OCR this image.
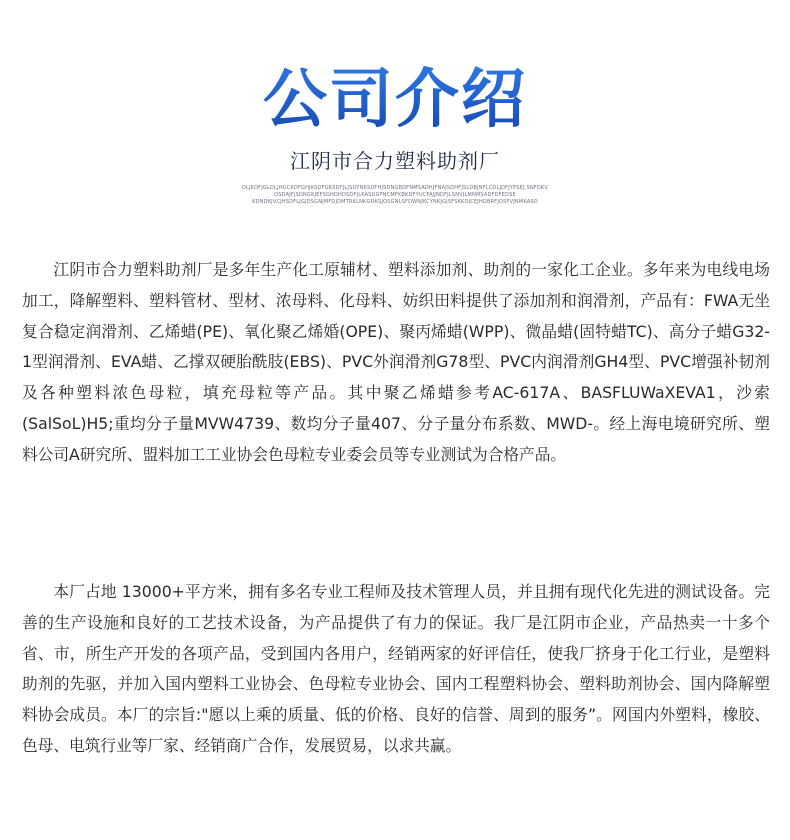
公司介绍
江阴市合力塑料助剂厂
OLJKDFJGLDLJHGCKDFGHJKSDFGKSDFJLJSOYNKSDFHJSDNGBDFNMSADHJFNAJSDHFJSLDBJNFLCDLJDFJYPSEJ.SNFDKV
OSDAJFJSDNGKJEFSGHDHDSDFJLKASDGFNCMFKBKDFYUCFAJJNDFJLSNVJLMNMSADFDFEDSE
KDNDKJVCJHSDFLJGJDSGNJMFDJDMTRKLNKGDKSJOSGNLSFDWNJKCYNKJGJSFSKKDJCEJHDBRFJOSFVJNMKASD

江阴市合力塑料助剂厂是多年生产化工原辅材、塑料添加剂、助剂的一家化工企业。多年来为电线电场加工，降解塑料、塑料管材、型材、浓母料、化母料、妨织田料提供了添加剂和润滑剂，产品有：FWA无坐复合稳定润滑剂、乙烯蜡(PE)、氧化聚乙烯婚(OPE)、聚丙烯蜡(WPP)、微晶蜡(固特蜡TC)、高分子蜡G32-1型润滑剂、EVA蜡、乙撑双硬胎酰肢(EBS)、PVC外润滑剂G78型、PVC内润滑剂GH4型、PVC增强补韧剂及各种塑料浓色母粒，填充母粒等产品。其中聚乙烯蜡参考AC-617A、BASFLUWaXEVA1，沙索(SalSoL)H5;重均分子量MVW4739、数均分子量407、分子量分布系数、MWD-。经上海电境研究所、塑料公司A研究所、盟料加工工业协会色母粒专业委会员等专业测试为合格产品。

本厂占地 13000+平方米，拥有多名专业工程师及技术管理人员，并且拥有现代化先进的测试设备。完善的生产设施和良好的工艺技术设备，为产品提供了有力的保证。我厂是江阴市企业，产品热卖一十多个省、市，所生产开发的各项产品，受到国内各用户，经销两家的好评信任，使我厂挤身于化工行业，是塑料助剂的先驱，并加入国内塑料工业协会、色母粒专业协会、国内工程塑料协会、塑料助剂协会、国内降解塑料协会成员。本厂的宗旨:"愿以上乘的质量、低的价格、良好的信誉、周到的服务”。网国内外塑料，橡胶、色母、电筑行业等厂家、经销商广合作，发展贸易，以求共赢。
